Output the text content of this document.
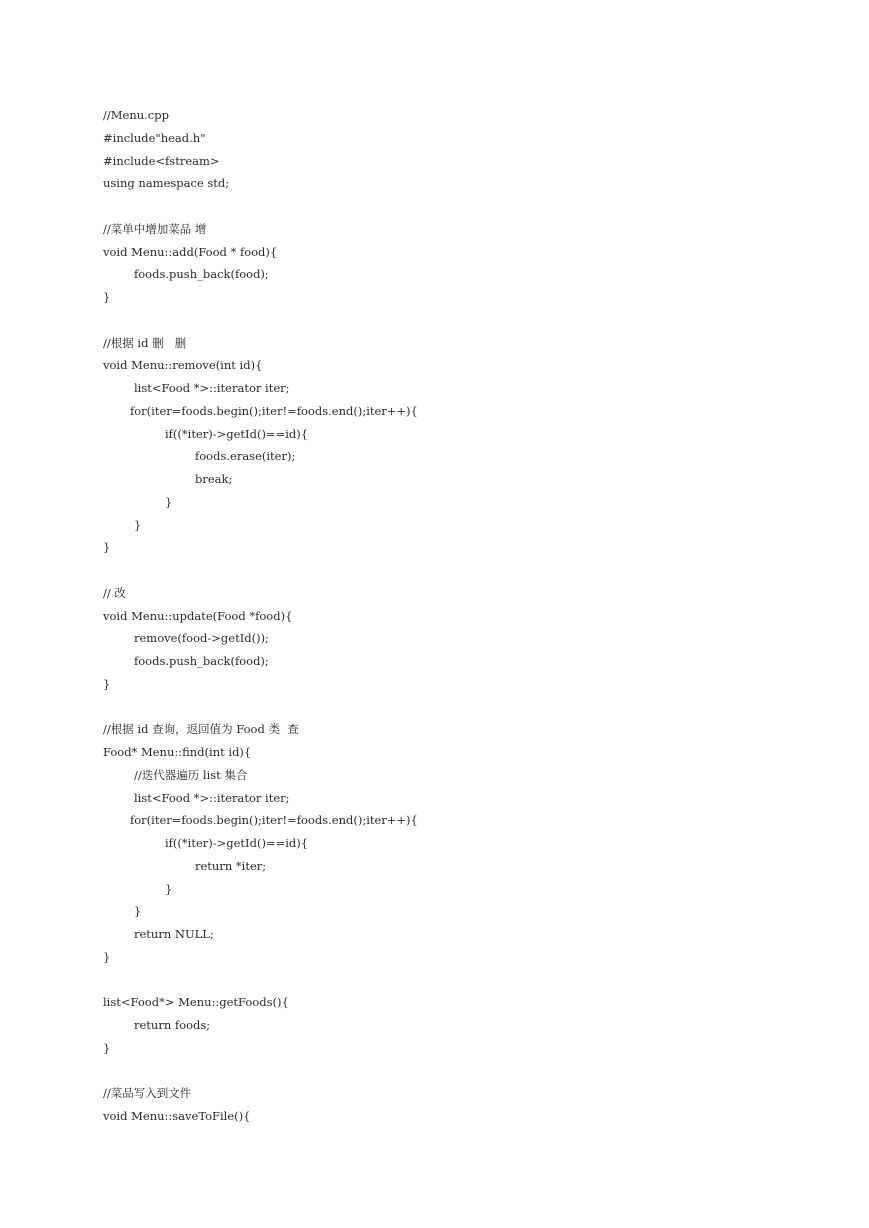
//Menu.cpp
#include"head.h"
#include<fstream>
using namespace std;
//菜单中增加菜品 增
void Menu::add(Food * food){
foods.push_back(food);
}
//根据 id 删   删
void Menu::remove(int id){
list<Food *>::iterator iter;
for(iter=foods.begin();iter!=foods.end();iter++){
if((*iter)->getId()==id){
foods.erase(iter);
break;
}
}
}
// 改
void Menu::update(Food *food){
remove(food->getId());
foods.push_back(food);
}
//根据 id 查询，返回值为 Food 类  查
Food* Menu::find(int id){
//迭代器遍历 list 集合
list<Food *>::iterator iter;
for(iter=foods.begin();iter!=foods.end();iter++){
if((*iter)->getId()==id){
return *iter;
}
}
return NULL;
}
list<Food*> Menu::getFoods(){
return foods;
}
//菜品写入到文件
void Menu::saveToFile(){
